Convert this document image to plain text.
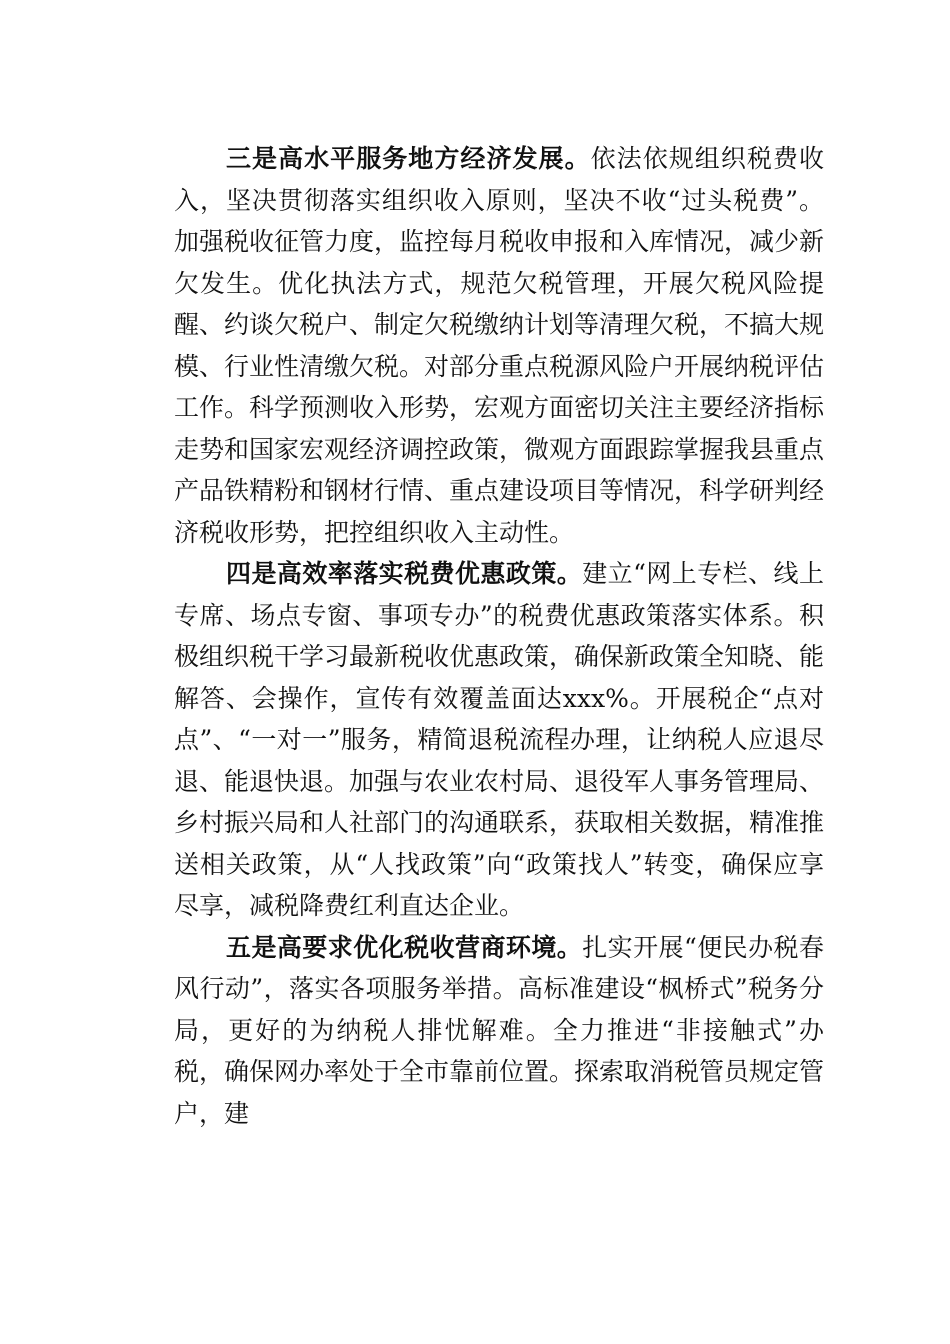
三是高水平服务地方经济发展。依法依规组织税费收入，坚决贯彻落实组织收入原则，坚决不收“过头税费”。加强税收征管力度，监控每月税收申报和入库情况，减少新欠发生。优化执法方式，规范欠税管理，开展欠税风险提醒、约谈欠税户、制定欠税缴纳计划等清理欠税，不搞大规模、行业性清缴欠税。对部分重点税源风险户开展纳税评估工作。科学预测收入形势，宏观方面密切关注主要经济指标走势和国家宏观经济调控政策，微观方面跟踪掌握我县重点产品铁精粉和钢材行情、重点建设项目等情况，科学研判经济税收形势，把控组织收入主动性。

四是高效率落实税费优惠政策。建立“网上专栏、线上专席、场点专窗、事项专办”的税费优惠政策落实体系。积极组织税干学习最新税收优惠政策，确保新政策全知晓、能解答、会操作，宣传有效覆盖面达xxx%。开展税企“点对点”、“一对一”服务，精简退税流程办理，让纳税人应退尽退、能退快退。加强与农业农村局、退役军人事务管理局、乡村振兴局和人社部门的沟通联系，获取相关数据，精准推送相关政策，从“人找政策”向“政策找人”转变，确保应享尽享，减税降费红利直达企业。

五是高要求优化税收营商环境。扎实开展“便民办税春风行动”，落实各项服务举措。高标准建设“枫桥式”税务分局，更好的为纳税人排忧解难。全力推进“非接触式”办税，确保网办率处于全市靠前位置。探索取消税管员规定管户，建
